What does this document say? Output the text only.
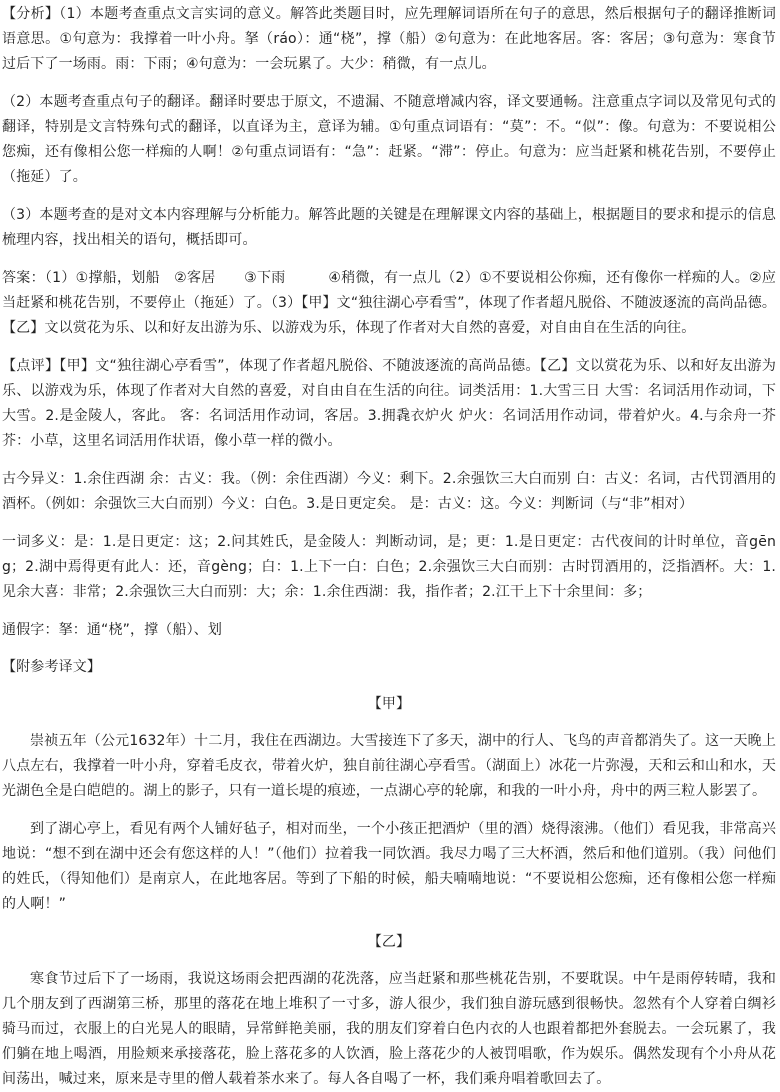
【分析】（1）本题考查重点文言实词的意义。解答此类题目时，应先理解词语所在句子的意思，然后根据句子的翻译推断词语意思。①句意为：我撑着一叶小舟。拏（ráo）：通“桡”，撑（船）②句意为：在此地客居。客：客居；③句意为：寒食节过后下了一场雨。雨：下雨；④句意为：一会玩累了。大少：稍微，有一点儿。

（2）本题考查重点句子的翻译。翻译时要忠于原文，不遗漏、不随意增减内容，译文要通畅。注意重点字词以及常见句式的翻译，特别是文言特殊句式的翻译，以直译为主，意译为辅。①句重点词语有：“莫”：不。“似”：像。句意为：不要说相公您痴，还有像相公您一样痴的人啊！②句重点词语有：“急”：赶紧。“滞”：停止。句意为：应当赶紧和桃花告别，不要停止（拖延）了。

（3）本题考查的是对文本内容理解与分析能力。解答此题的关键是在理解课文内容的基础上，根据题目的要求和提示的信息梳理内容，找出相关的语句，概括即可。

答案：（1）①撑船，划船　②客居　　③下雨　　　④稍微，有一点儿（2）①不要说相公你痴，还有像你一样痴的人。②应当赶紧和桃花告别，不要停止（拖延）了。（3）【甲】文“独往湖心亭看雪”，体现了作者超凡脱俗、不随波逐流的高尚品德。【乙】文以赏花为乐、以和好友出游为乐、以游戏为乐，体现了作者对大自然的喜爱，对自由自在生活的向往。

【点评】【甲】文“独往湖心亭看雪”，体现了作者超凡脱俗、不随波逐流的高尚品德。【乙】文以赏花为乐、以和好友出游为乐、以游戏为乐，体现了作者对大自然的喜爱，对自由自在生活的向往。词类活用：1.大雪三日 大雪：名词活用作动词，下大雪。2.是金陵人，客此。 客：名词活用作动词，客居。3.拥毳衣炉火 炉火：名词活用作动词，带着炉火。4.与余舟一芥 芥：小草，这里名词活用作状语，像小草一样的微小。

古今异义：1.余住西湖 余：古义：我。（例：余住西湖）今义：剩下。2.余强饮三大白而别 白：古义：名词，古代罚酒用的酒杯。（例如：余强饮三大白而别）今义：白色。3.是日更定矣。 是：古义：这。今义：判断词（与“非”相对）

一词多义：是：1.是日更定：这；2.问其姓氏，是金陵人：判断动词，是；更：1.是日更定：古代夜间的计时单位，音gēng；2.湖中焉得更有此人：还，音gèng；白：1.上下一白：白色；2.余强饮三大白而别：古时罚酒用的，泛指酒杯。大：1.见余大喜：非常；2.余强饮三大白而别：大；余：1.余住西湖：我，指作者；2.江干上下十余里间：多；

通假字：拏：通“桡”，撑（船）、划

【附参考译文】

【甲】

崇祯五年（公元1632年）十二月，我住在西湖边。大雪接连下了多天，湖中的行人、飞鸟的声音都消失了。这一天晚上八点左右，我撑着一叶小舟，穿着毛皮衣，带着火炉，独自前往湖心亭看雪。（湖面上）冰花一片弥漫，天和云和山和水，天光湖色全是白皑皑的。湖上的影子，只有一道长堤的痕迹，一点湖心亭的轮廓，和我的一叶小舟，舟中的两三粒人影罢了。

到了湖心亭上，看见有两个人铺好毡子，相对而坐，一个小孩正把酒炉（里的酒）烧得滚沸。（他们）看见我，非常高兴地说：“想不到在湖中还会有您这样的人！”（他们）拉着我一同饮酒。我尽力喝了三大杯酒，然后和他们道别。（我）问他们的姓氏，（得知他们）是南京人，在此地客居。等到了下船的时候，船夫喃喃地说：“不要说相公您痴，还有像相公您一样痴的人啊！”

【乙】

寒食节过后下了一场雨，我说这场雨会把西湖的花洗落，应当赶紧和那些桃花告别，不要耽误。中午是雨停转晴，我和几个朋友到了西湖第三桥，那里的落花在地上堆积了一寸多，游人很少，我们独自游玩感到很畅快。忽然有个人穿着白绸衫骑马而过，衣服上的白光晃人的眼睛，异常鲜艳美丽，我的朋友们穿着白色内衣的人也跟着都把外套脱去。一会玩累了，我们躺在地上喝酒，用脸颊来承接落花，脸上落花多的人饮酒，脸上落花少的人被罚唱歌，作为娱乐。偶然发现有个小舟从花间荡出，喊过来，原来是寺里的僧人载着茶水来了。每人各自喝了一杯，我们乘舟唱着歌回去了。
